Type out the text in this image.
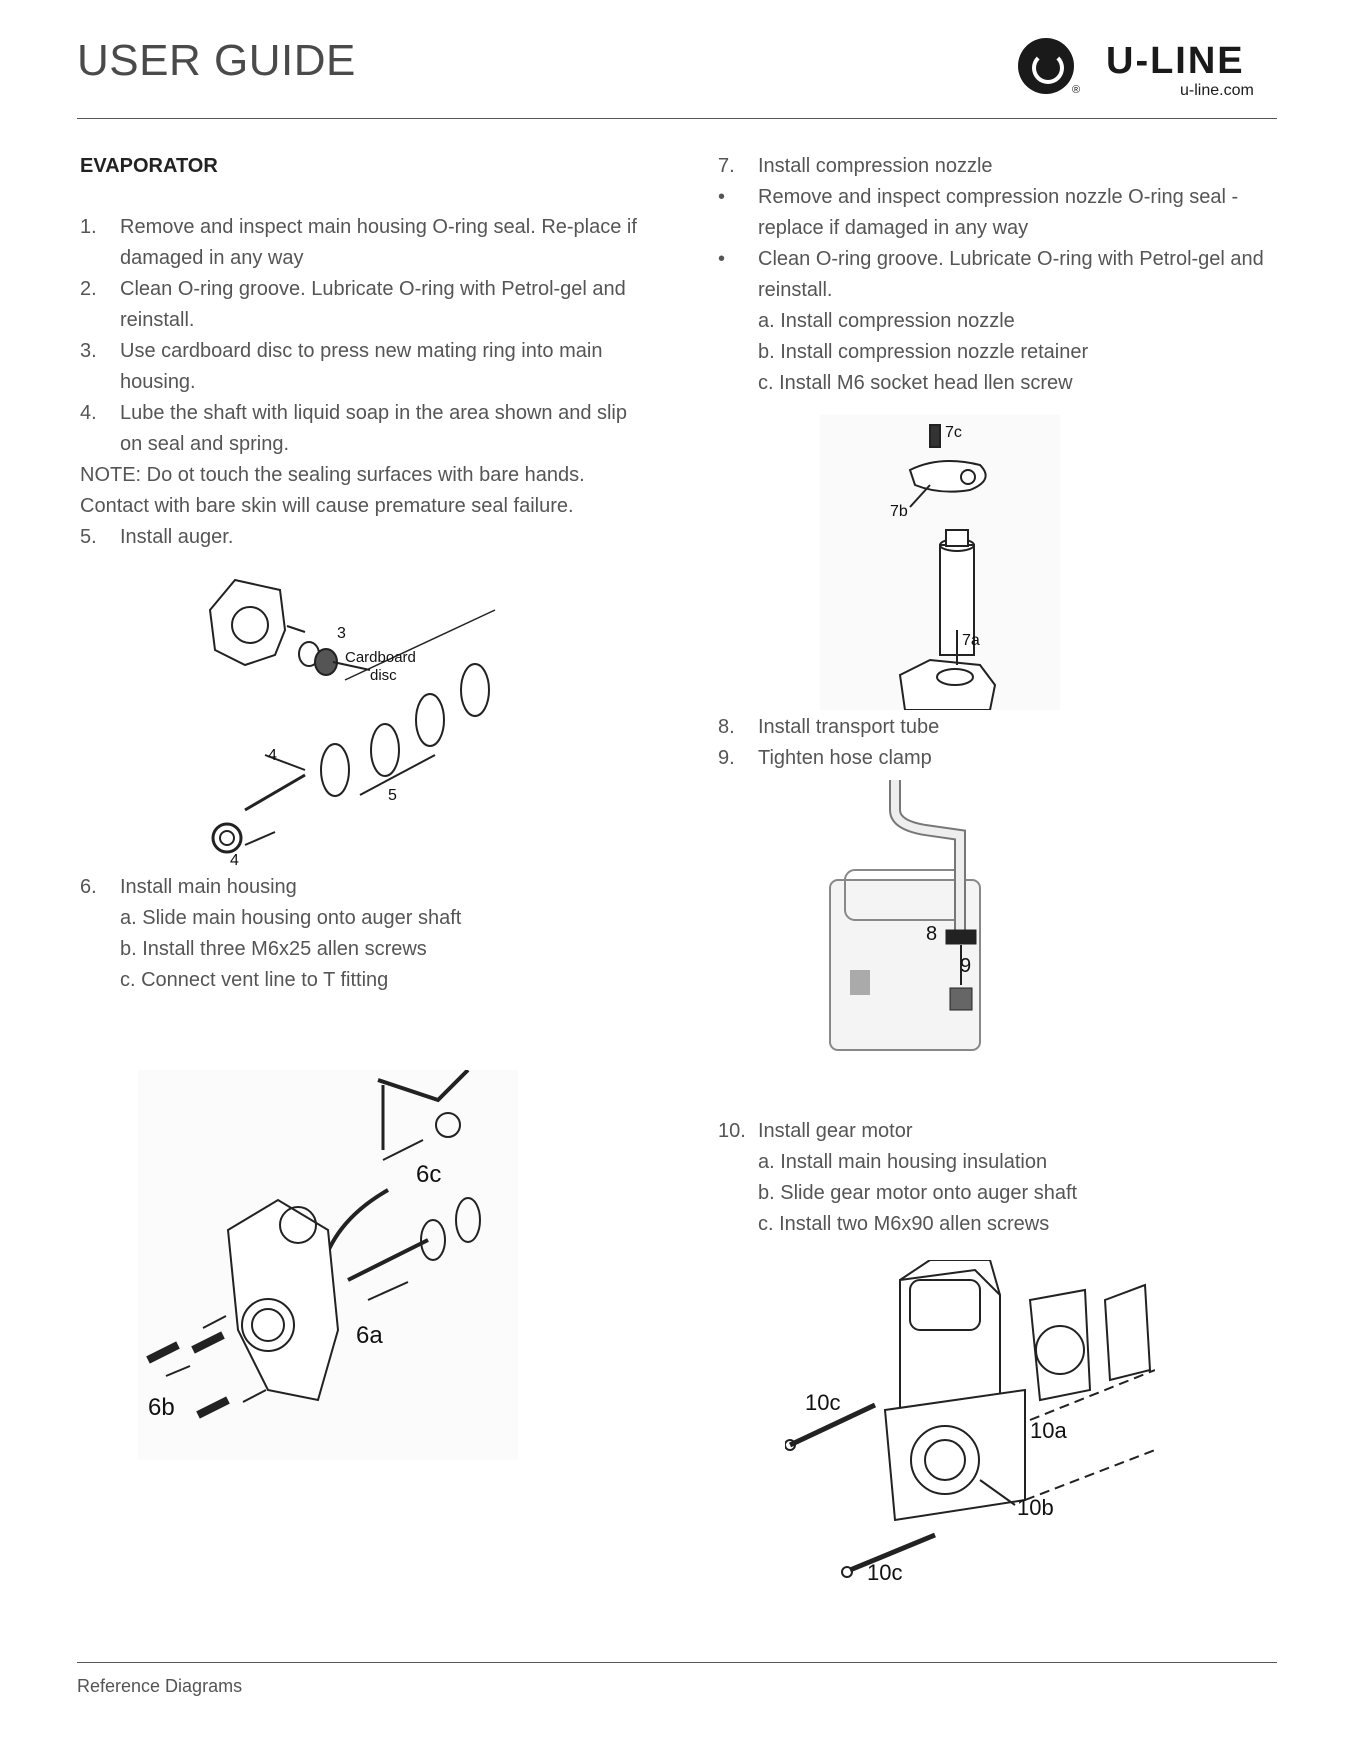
USER GUIDE
®
U-LINE
u-line.com
EVAPORATOR
1. Remove and inspect main housing O-ring seal. Re-place if damaged in any way
2. Clean O-ring groove. Lubricate O-ring with Petrol-gel and reinstall.
3. Use cardboard disc to press new mating ring into main housing.
4. Lube the shaft with liquid soap in the area shown and slip on seal and spring.
NOTE: Do ot touch the sealing surfaces with bare hands. Contact with bare skin will cause premature seal failure.
5. Install auger.
3
Cardboard
disc
4
5
4
6. Install main housing
a. Slide main housing onto auger shaft
b. Install three M6x25 allen screws
c. Connect vent line to T fitting
6c
6a
6b
7. Install compression nozzle
• Remove and inspect compression nozzle O-ring seal - replace if damaged in any way
• Clean O-ring groove. Lubricate O-ring with Petrol-gel and reinstall.
a. Install compression nozzle
b. Install compression nozzle retainer
c. Install M6 socket head llen screw
7c
7b
7a
8. Install transport tube
9. Tighten hose clamp
8
9
10. Install gear motor
a. Install main housing insulation
b. Slide gear motor onto auger shaft
c. Install two M6x90 allen screws
10c
10a
10b
10c
Reference Diagrams
